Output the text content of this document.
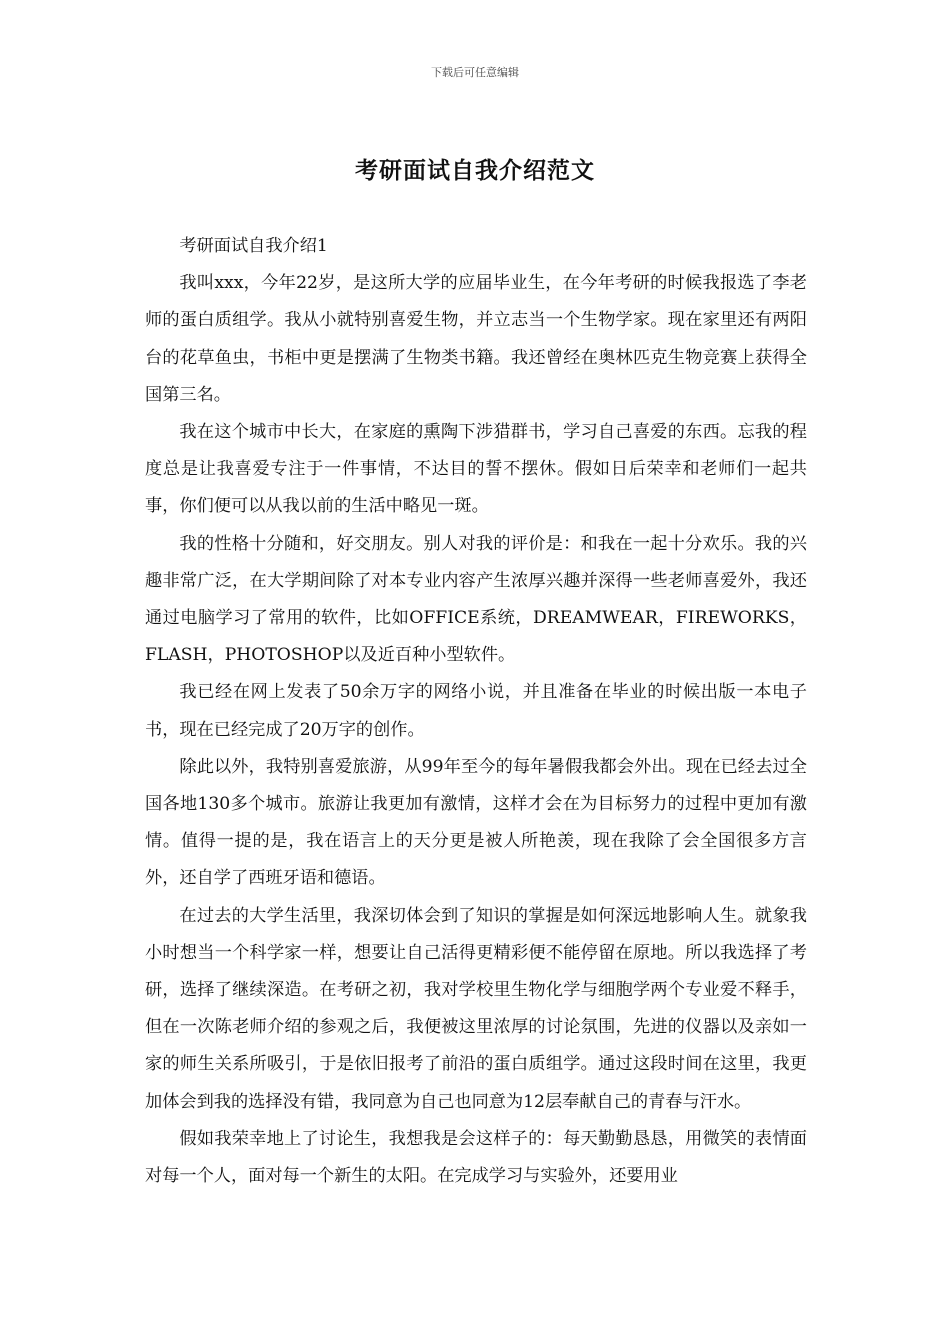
下载后可任意编辑
考研面试自我介绍范文

考研面试自我介绍1

我叫xxx，今年22岁，是这所大学的应届毕业生，在今年考研的时候我报选了李老师的蛋白质组学。我从小就特别喜爱生物，并立志当一个生物学家。现在家里还有两阳台的花草鱼虫，书柜中更是摆满了生物类书籍。我还曾经在奥林匹克生物竞赛上获得全国第三名。

我在这个城市中长大，在家庭的熏陶下涉猎群书，学习自己喜爱的东西。忘我的程度总是让我喜爱专注于一件事情，不达目的誓不摆休。假如日后荣幸和老师们一起共事，你们便可以从我以前的生活中略见一斑。

我的性格十分随和，好交朋友。别人对我的评价是：和我在一起十分欢乐。我的兴趣非常广泛，在大学期间除了对本专业内容产生浓厚兴趣并深得一些老师喜爱外，我还通过电脑学习了常用的软件，比如OFFICE系统，DREAMWEAR，FIREWORKS，FLASH，PHOTOSHOP以及近百种小型软件。

我已经在网上发表了50余万字的网络小说，并且准备在毕业的时候出版一本电子书，现在已经完成了20万字的创作。

除此以外，我特别喜爱旅游，从99年至今的每年暑假我都会外出。现在已经去过全国各地130多个城市。旅游让我更加有激情，这样才会在为目标努力的过程中更加有激情。值得一提的是，我在语言上的天分更是被人所艳羡，现在我除了会全国很多方言外，还自学了西班牙语和德语。

在过去的大学生活里，我深切体会到了知识的掌握是如何深远地影响人生。就象我小时想当一个科学家一样，想要让自己活得更精彩便不能停留在原地。所以我选择了考研，选择了继续深造。在考研之初，我对学校里生物化学与细胞学两个专业爱不释手，但在一次陈老师介绍的参观之后，我便被这里浓厚的讨论氛围，先进的仪器以及亲如一家的师生关系所吸引，于是依旧报考了前沿的蛋白质组学。通过这段时间在这里，我更加体会到我的选择没有错，我同意为自己也同意为12层奉献自己的青春与汗水。

假如我荣幸地上了讨论生，我想我是会这样子的：每天勤勤恳恳，用微笑的表情面对每一个人，面对每一个新生的太阳。在完成学习与实验外，还要用业
